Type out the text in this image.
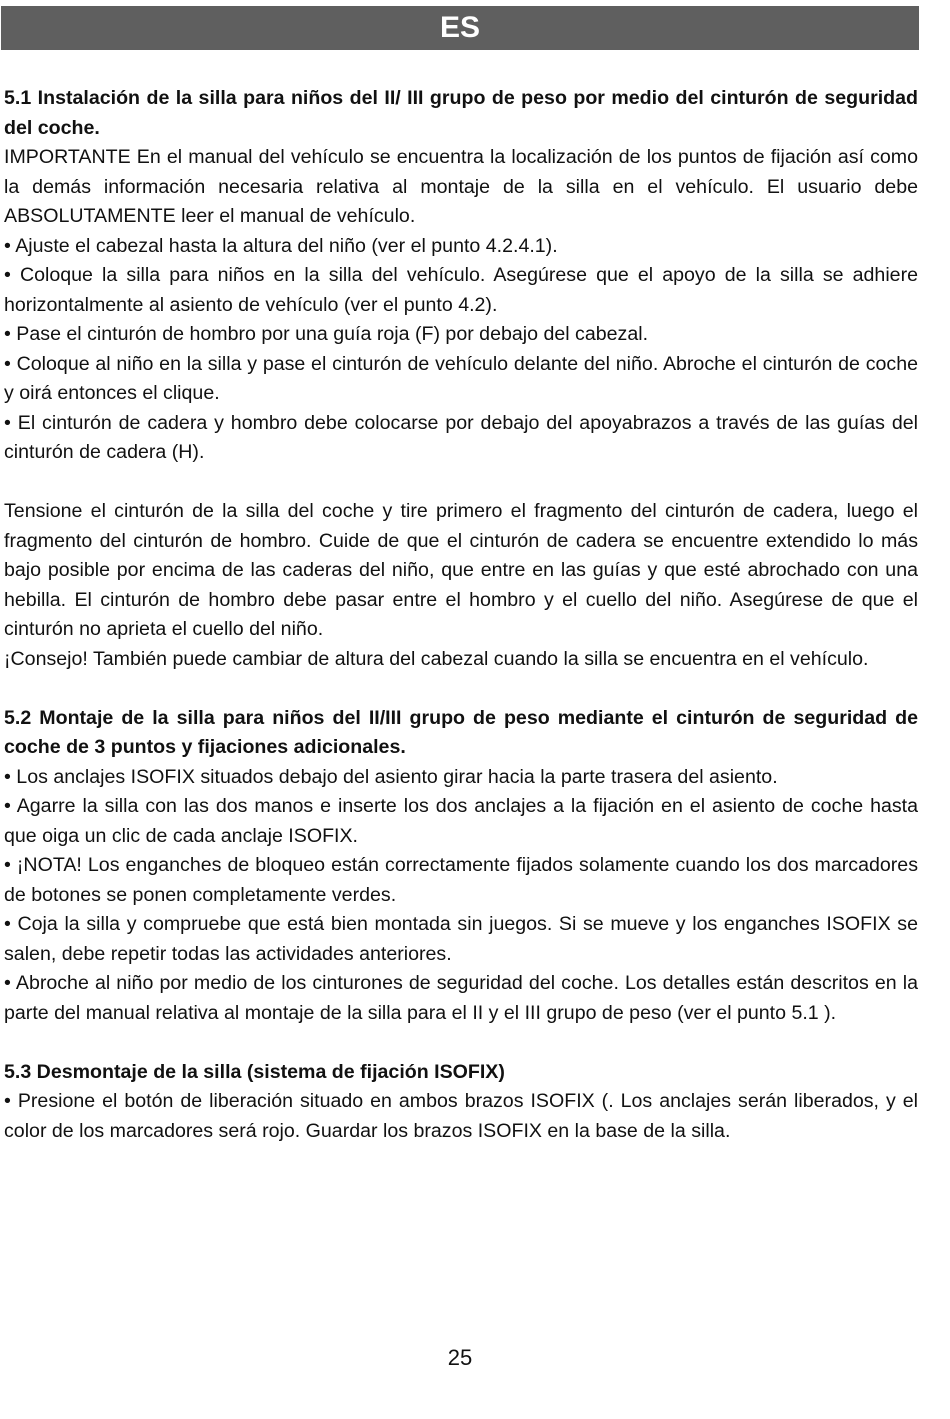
ES

5.1 Instalación de la silla para niños del II/ III grupo de peso por medio del cinturón de seguridad del coche.

IMPORTANTE En el manual del vehículo se encuentra la localización de los puntos de fijación así como la demás información necesaria relativa al montaje de la silla en el vehículo. El usuario debe ABSOLUTAMENTE leer el manual de vehículo.

• Ajuste el cabezal hasta la altura del niño (ver el punto 4.2.4.1).

• Coloque la silla para niños en la silla del vehículo. Asegúrese que el apoyo de la silla se adhiere horizontalmente al asiento de vehículo (ver el punto 4.2).

• Pase el cinturón de hombro por una guía roja (F) por debajo del cabezal.

• Coloque al niño en la silla y pase el cinturón de vehículo delante del niño. Abroche el cinturón de coche y oirá entonces el clique.

• El cinturón de cadera y hombro debe colocarse por debajo del apoyabrazos a través de las guías del cinturón de cadera (H).

Tensione el cinturón de la silla del coche y tire primero el fragmento del cinturón de cadera, luego el fragmento del cinturón de hombro. Cuide de que el cinturón de cadera se encuentre extendido lo más bajo posible por encima de las caderas del niño, que entre en las guías y que esté abrochado con una hebilla. El cinturón de hombro debe pasar entre el hombro y el cuello del niño. Asegúrese de que el cinturón no aprieta el cuello del niño.

¡Consejo! También puede cambiar de altura del cabezal cuando la silla se encuentra en el vehículo.

5.2 Montaje de la silla para niños del II/III grupo de peso mediante el cinturón de seguridad de coche de 3 puntos y fijaciones adicionales.

• Los anclajes ISOFIX situados debajo del asiento girar hacia la parte trasera del asiento.

• Agarre la silla con las dos manos e inserte los dos anclajes a la fijación en el asiento de coche hasta que oiga un clic de cada anclaje ISOFIX.

• ¡NOTA! Los enganches de bloqueo están correctamente fijados solamente cuando los dos marcadores de botones se ponen completamente verdes.

• Coja la silla y compruebe que está bien montada sin juegos. Si se mueve y los enganches ISOFIX se salen, debe repetir todas las actividades anteriores.

• Abroche al niño por medio de los cinturones de seguridad del coche. Los detalles están descritos en la parte del manual relativa al montaje de la silla para el II y el III grupo de peso (ver el punto 5.1 ).

5.3 Desmontaje de la silla (sistema de fijación ISOFIX)

• Presione el botón de liberación situado en ambos brazos ISOFIX (. Los anclajes serán liberados, y el color de los marcadores será rojo. Guardar los brazos ISOFIX en la base de la silla.

25
